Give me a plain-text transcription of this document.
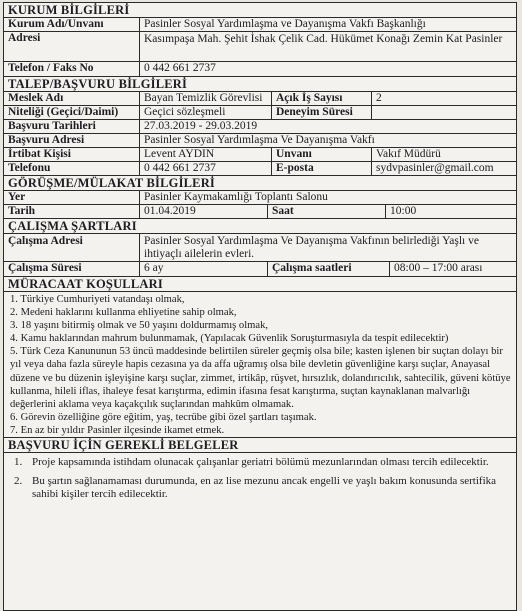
KURUM BİLGİLERİ
Kurum Adı/Unvanı	Pasinler Sosyal Yardımlaşma ve Dayanışma Vakfı Başkanlığı
Adresi	Kasımpaşa Mah. Şehit İshak Çelik Cad. Hükümet Konağı Zemin Kat Pasinler
Telefon / Faks No	0 442 661 2737
TALEP/BAŞVURU BİLGİLERİ
Meslek Adı	Bayan Temizlik Görevlisi	Açık İş Sayısı	2
Niteliği (Geçici/Daimi)	Geçici sözleşmeli	Deneyim Süresi
Başvuru Tarihleri	27.03.2019 - 29.03.2019
Başvuru Adresi	Pasinler Sosyal Yardımlaşma Ve Dayanışma Vakfı
İrtibat Kişisi	Levent AYDIN	Unvanı	Vakıf Müdürü
Telefonu	0 442 661 2737	E-posta	sydvpasinler@gmail.com
GÖRÜŞME/MÜLAKAT BİLGİLERİ
Yer	Pasinler Kaymakamlığı Toplantı Salonu
Tarih	01.04.2019	Saat	10:00
ÇALIŞMA ŞARTLARI
Çalışma Adresi	Pasinler Sosyal Yardımlaşma Ve Dayanışma Vakfının belirlediği Yaşlı ve ihtiyaçlı ailelerin evleri.
Çalışma Süresi	6 ay	Çalışma saatleri	08:00 – 17:00 arası
MÜRACAAT KOŞULLARI
1. Türkiye Cumhuriyeti vatandaşı olmak,
2. Medeni haklarını kullanma ehliyetine sahip olmak,
3. 18 yaşını bitirmiş olmak ve 50 yaşını doldurmamış olmak,
4. Kamu haklarından mahrum bulunmamak, (Yapılacak Güvenlik Soruşturmasıyla da tespit edilecektir)
5. Türk Ceza Kanununun 53 üncü maddesinde belirtilen süreler geçmiş olsa bile; kasten işlenen bir suçtan dolayı bir yıl veya daha fazla süreyle hapis cezasına ya da affa uğramış olsa bile devletin güvenliğine karşı suçlar, Anayasal düzene ve bu düzenin işleyişine karşı suçlar, zimmet, irtikâp, rüşvet, hırsızlık, dolandırıcılık, sahtecilik, güveni kötüye kullanma, hileli iflas, ihaleye fesat karıştırma, edimin ifasına fesat karıştırma, suçtan kaynaklanan malvarlığı değerlerini aklama veya kaçakçılık suçlarından mahkûm olmamak.
6. Görevin özelliğine göre eğitim, yaş, tecrübe gibi özel şartları taşımak.
7. En az bir yıldır Pasinler ilçesinde ikamet etmek.
BAŞVURU İÇİN GEREKLİ BELGELER
1. Proje kapsamında istihdam olunacak çalışanlar geriatri bölümü mezunlarından olması tercih edilecektir.
2. Bu şartın sağlanamaması durumunda, en az lise mezunu ancak engelli ve yaşlı bakım konusunda sertifika sahibi kişiler tercih edilecektir.
